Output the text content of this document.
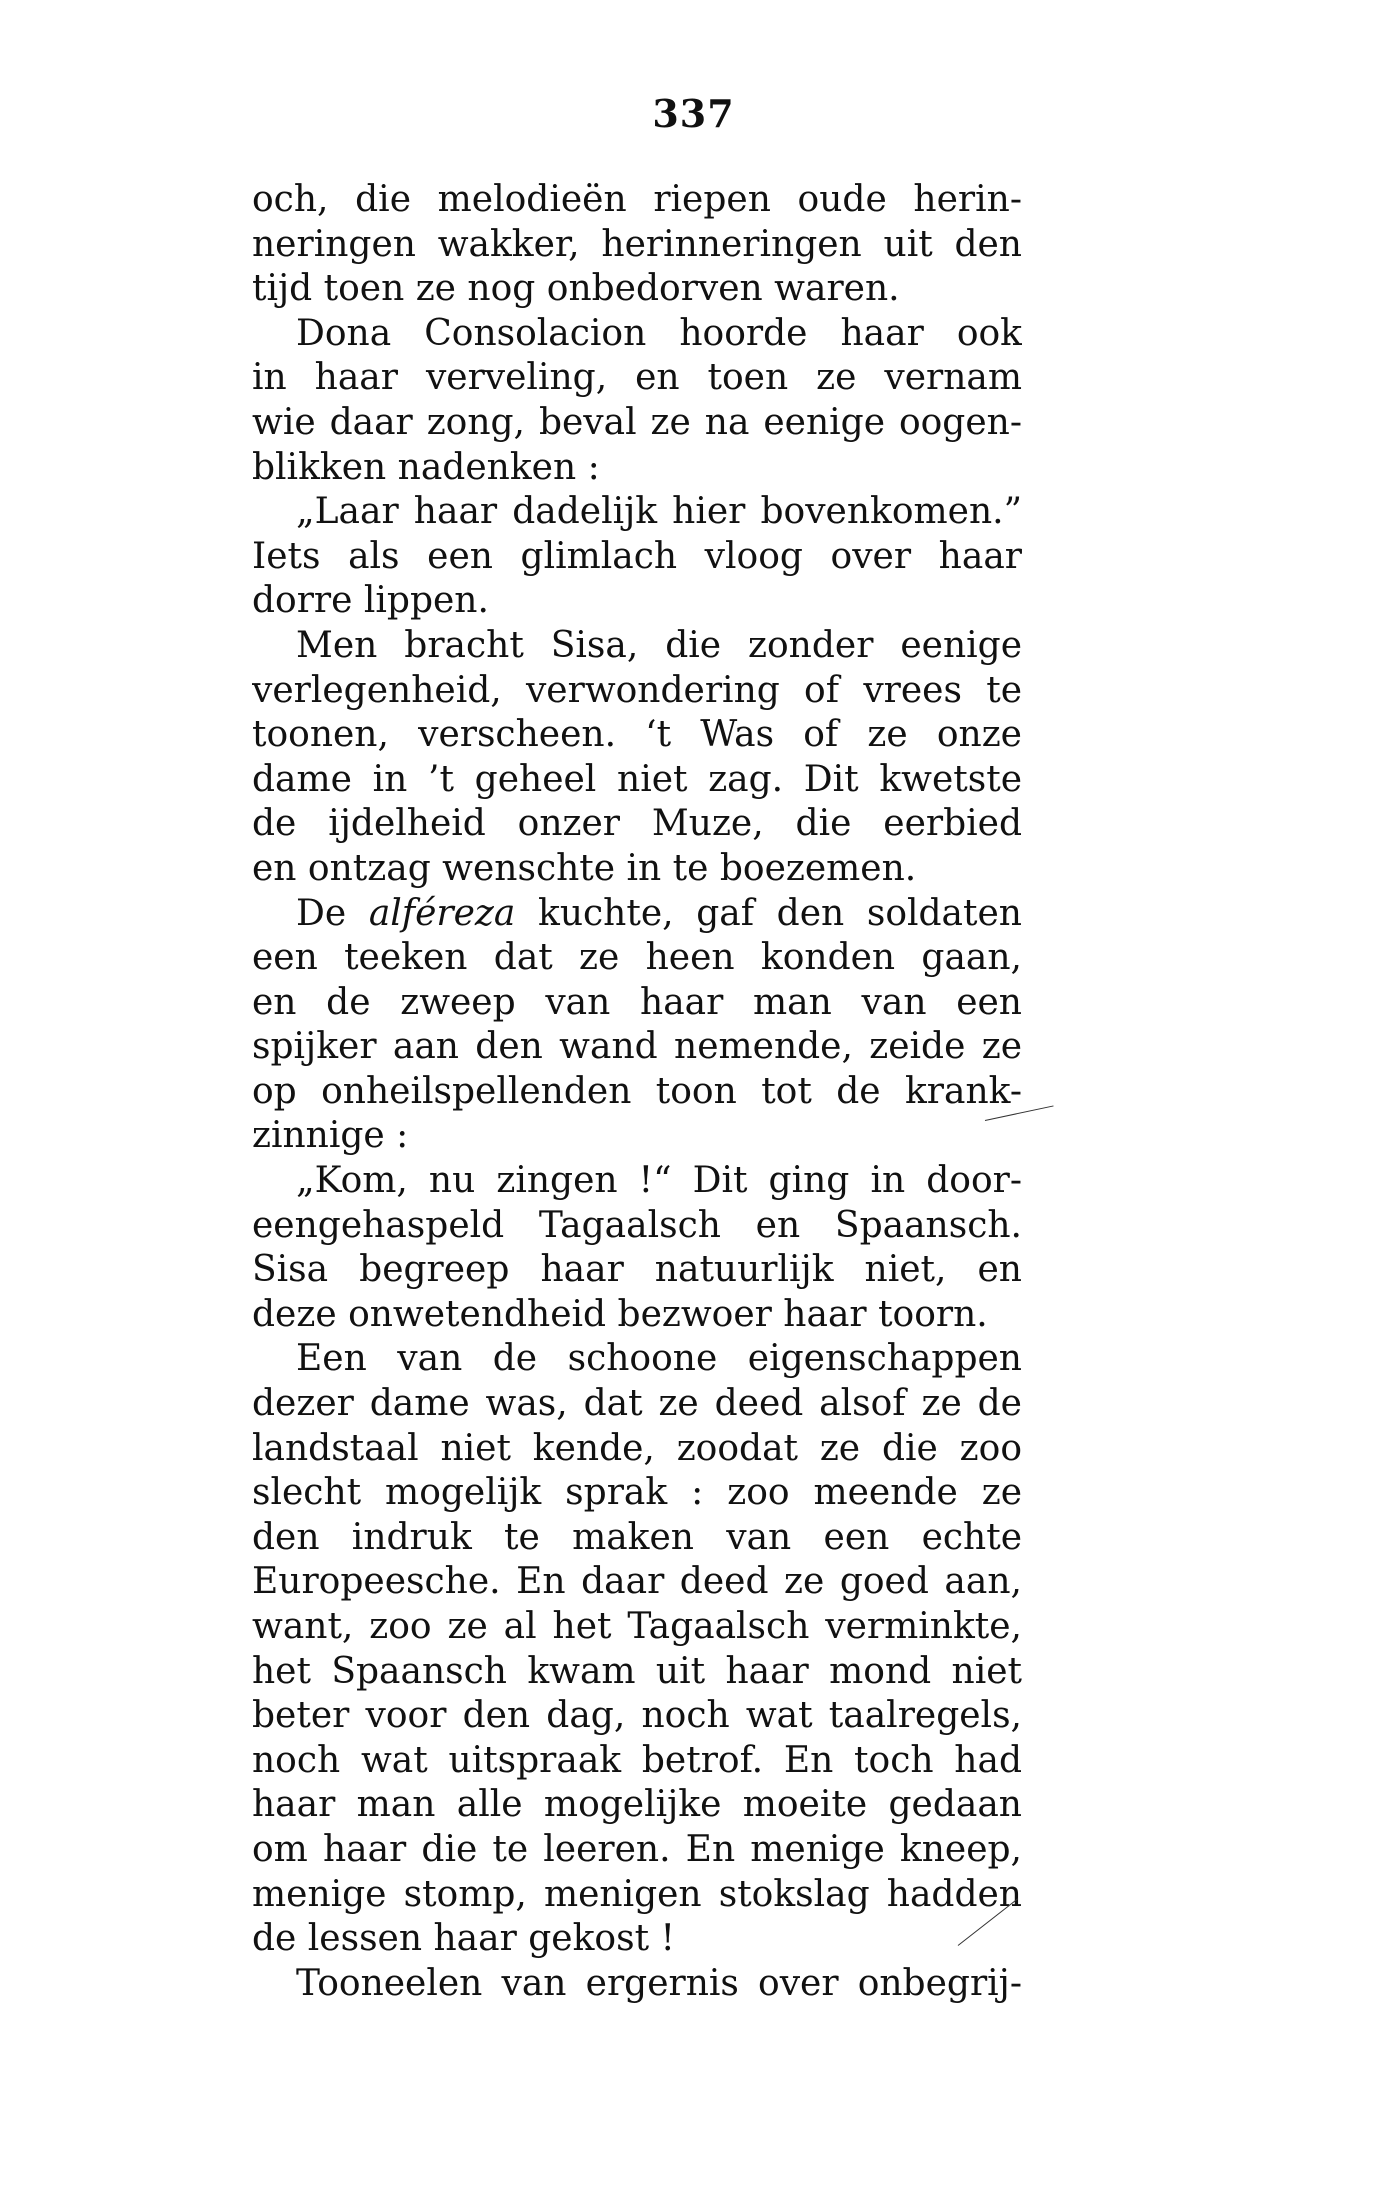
337
och, die melodieën riepen oude herin-
neringen wakker, herinneringen uit den
tijd toen ze nog onbedorven waren.
Dona Consolacion hoorde haar ook
in haar verveling, en toen ze vernam
wie daar zong, beval ze na eenige oogen-
blikken nadenken :
„Laar haar dadelijk hier bovenkomen.”
Iets als een glimlach vloog over haar
dorre lippen.
Men bracht Sisa, die zonder eenige
verlegenheid, verwondering of vrees te
toonen, verscheen. ‘t Was of ze onze
dame in ’t geheel niet zag. Dit kwetste
de ijdelheid onzer Muze, die eerbied
en ontzag wenschte in te boezemen.
De alféreza kuchte, gaf den soldaten
een teeken dat ze heen konden gaan,
en de zweep van haar man van een
spijker aan den wand nemende, zeide ze
op onheilspellenden toon tot de krank-
zinnige :
„Kom, nu zingen !“ Dit ging in door-
eengehaspeld Tagaalsch en Spaansch.
Sisa begreep haar natuurlijk niet, en
deze onwetendheid bezwoer haar toorn.
Een van de schoone eigenschappen
dezer dame was, dat ze deed alsof ze de
landstaal niet kende, zoodat ze die zoo
slecht mogelijk sprak : zoo meende ze
den indruk te maken van een echte
Europeesche. En daar deed ze goed aan,
want, zoo ze al het Tagaalsch verminkte,
het Spaansch kwam uit haar mond niet
beter voor den dag, noch wat taalregels,
noch wat uitspraak betrof. En toch had
haar man alle mogelijke moeite gedaan
om haar die te leeren. En menige kneep,
menige stomp, menigen stokslag hadden
de lessen haar gekost !
Tooneelen van ergernis over onbegrij-
